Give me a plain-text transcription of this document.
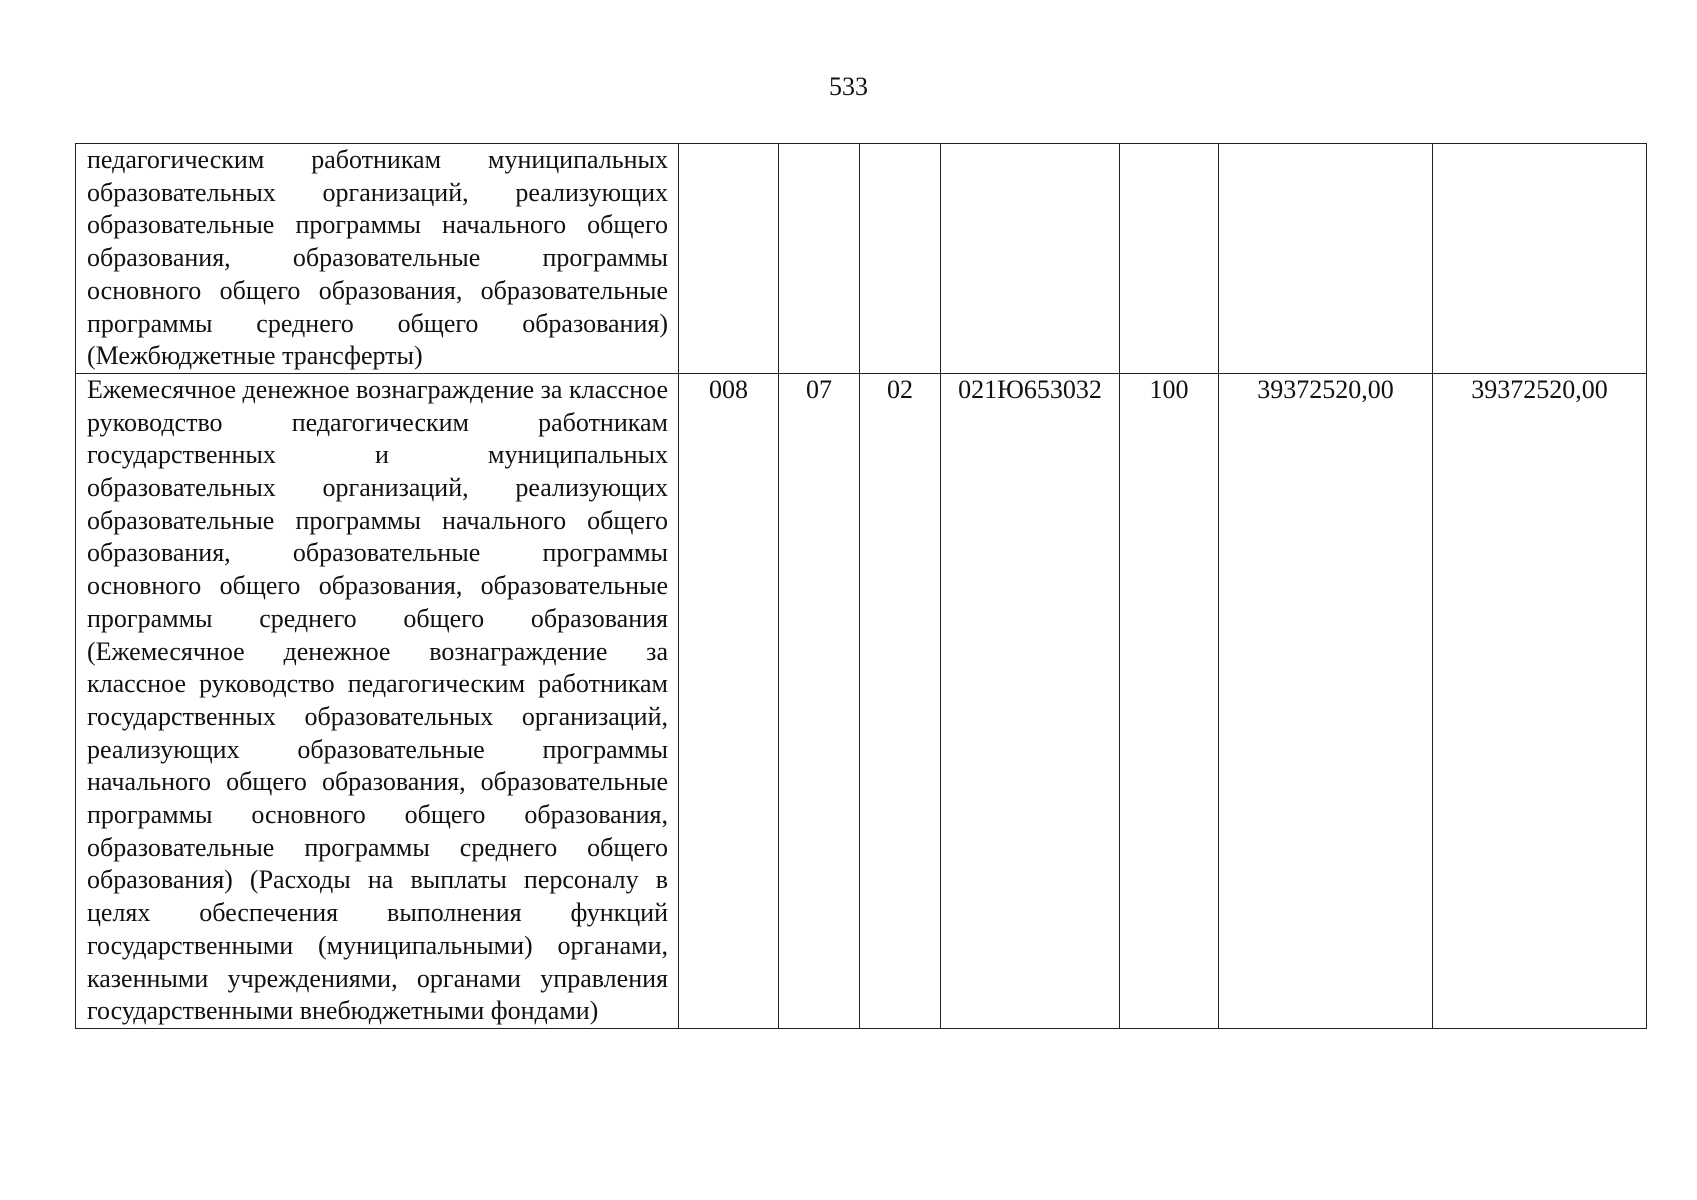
533
педагогическим работникам муниципальных образовательных организаций, реализующих образовательные программы начального общего образования, образовательные программы основного общего образования, образовательные программы среднего общего образования) (Межбюджетные трансферты)							
Ежемесячное денежное вознаграждение за классное руководство педагогическим работникам государственных и муниципальных образовательных организаций, реализующих образовательные программы начального общего образования, образовательные программы основного общего образования, образовательные программы среднего общего образования (Ежемесячное денежное вознаграждение за классное руководство педагогическим работникам государственных образовательных организаций, реализующих образовательные программы начального общего образования, образовательные программы основного общего образования, образовательные программы среднего общего образования) (Расходы на выплаты персоналу в целях обеспечения выполнения функций государственными (муниципальными) органами, казенными учреждениями, органами управления государственными внебюджетными фондами)	008	07	02	021Ю653032	100	39372520,00	39372520,00
